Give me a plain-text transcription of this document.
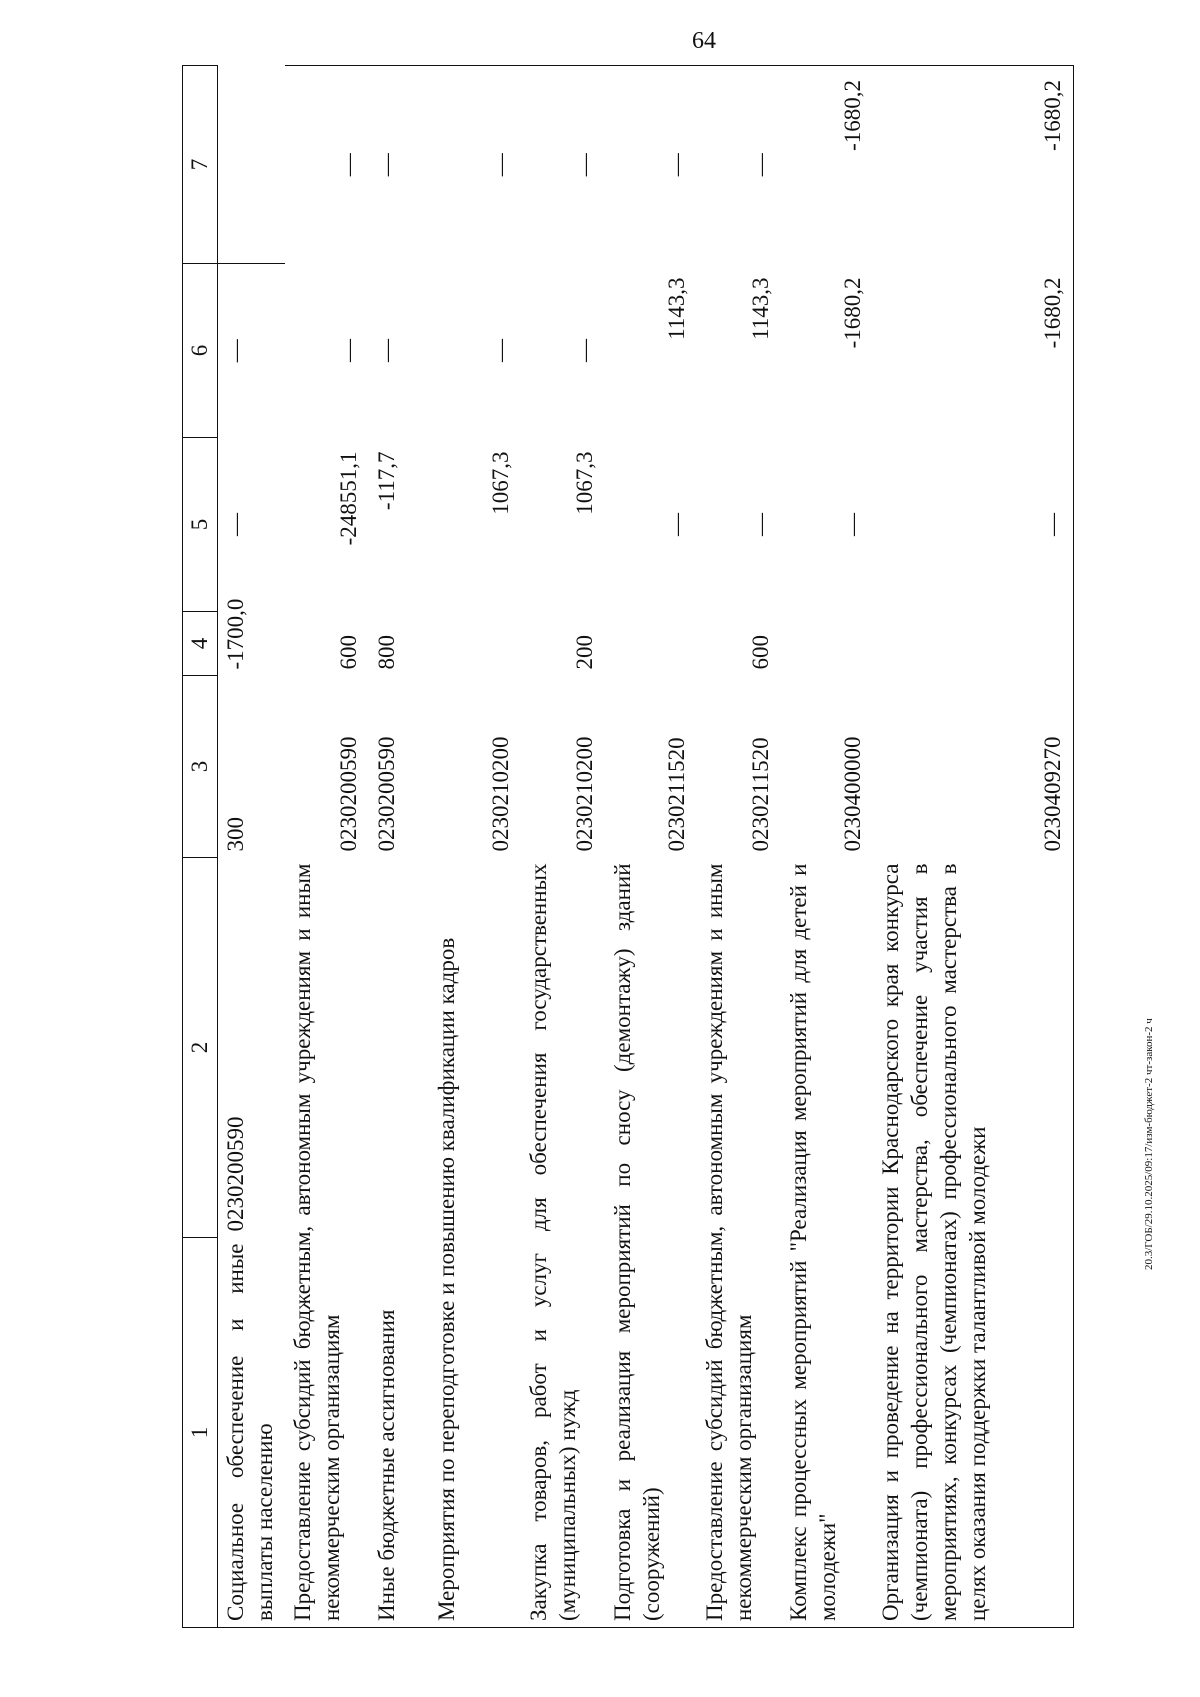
64
20.3/ГОБ/29.10.2025/09:17/изм-бюджет-2 чт-закон-2 ч
1	2	3	4	5	6	7
Социальное обеспечение и иные выплаты населению	0230200590	300	-1700,0	—	—	
Предоставление субсидий бюджетным, автономным учреждениям и иным некоммерческим организациям		0230200590	600	-248551,1	—	—
Иные бюджетные ассигнования		0230200590	800	-117,7	—	—
Мероприятия по переподготовке и повышению квалификации кадров		0230210200		1067,3	—	—
Закупка товаров, работ и услуг для обеспечения государственных (муниципальных) нужд		0230210200	200	1067,3	—	—
Подготовка и реализация мероприятий по сносу (демонтажу) зданий (сооружений)		0230211520		—	1143,3	—
Предоставление субсидий бюджетным, автономным учреждениям и иным некоммерческим организациям		0230211520	600	—	1143,3	—
Комплекс процессных мероприятий "Реализация мероприятий для детей и молодежи"		0230400000		—	-1680,2	-1680,2
Организация и проведение на территории Краснодарского края конкурса (чемпионата) профессионального мастерства, обеспечение участия в мероприятиях, конкурсах (чемпионатах) профессионального мастерства в целях оказания поддержки талантливой молодежи		0230409270		—	-1680,2	-1680,2
